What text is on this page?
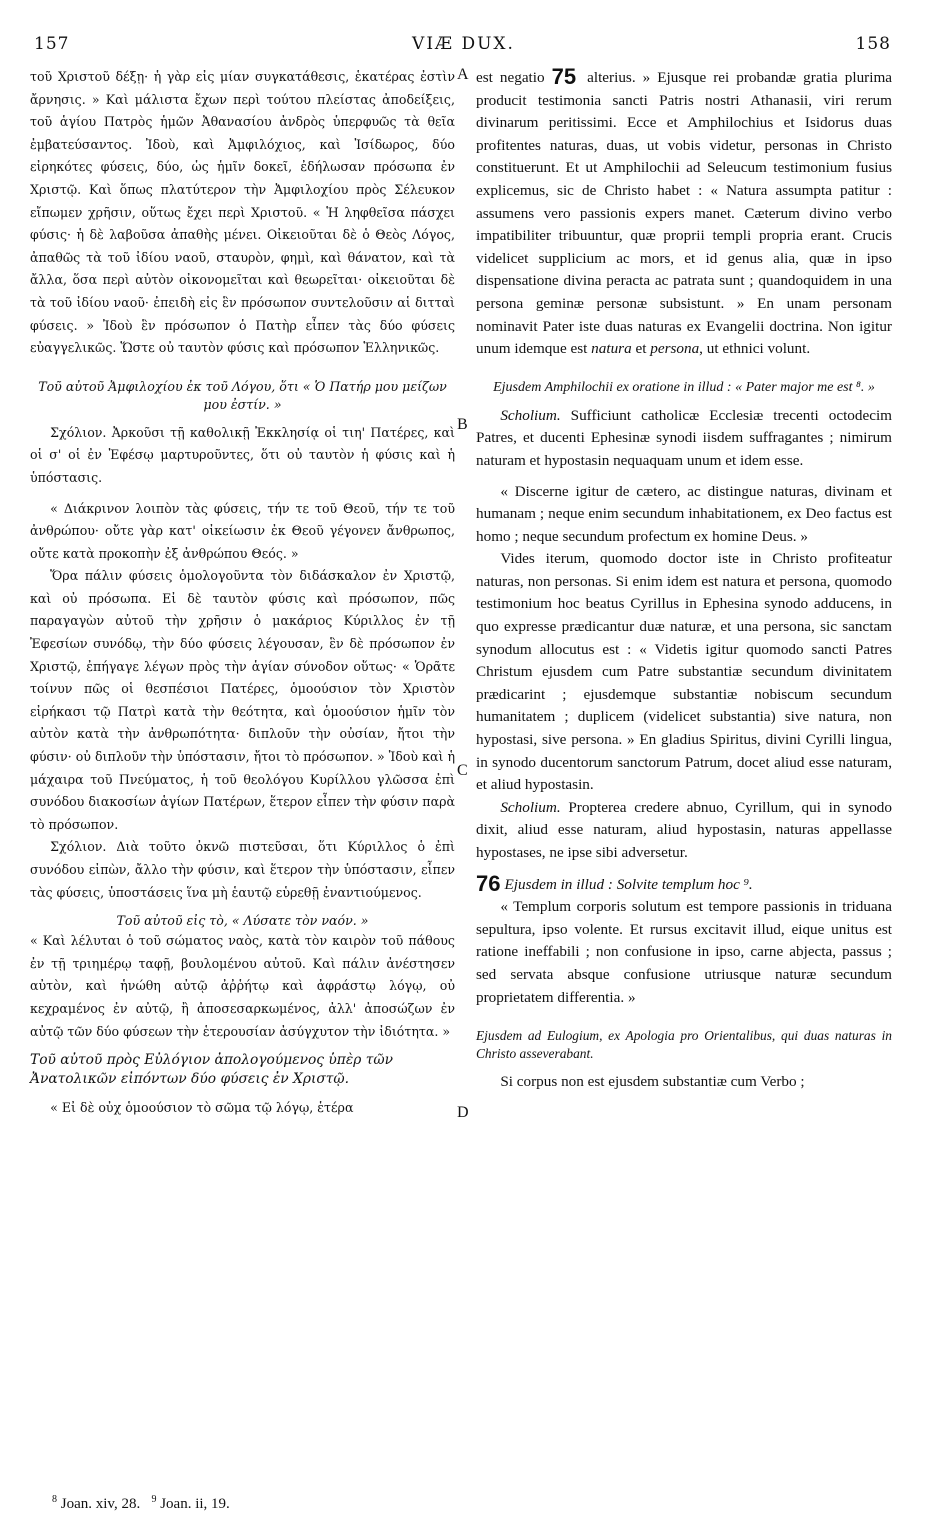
157	VIÆ DUX.	158
A
B
C
D

τοῦ Χριστοῦ δέξῃ· ἡ γὰρ εἰς μίαν συγκατάθεσις, ἑκατέρας ἐστὶν ἄρνησις. » Καὶ μάλιστα ἔχων περὶ τούτου πλείστας ἀποδείξεις, τοῦ ἁγίου Πατρὸς ἡμῶν Ἀθανασίου ἀνδρὸς ὑπερφυῶς τὰ θεῖα ἐμβατεύσαντος. Ἰδοὺ, καὶ Ἀμφιλόχιος, καὶ Ἰσίδωρος, δύο εἰρηκότες φύσεις, δύο, ὡς ἡμῖν δοκεῖ, ἐδήλωσαν πρόσωπα ἐν Χριστῷ. Καὶ ὅπως πλατύτερον τὴν Ἀμφιλοχίου πρὸς Σέλευκον εἴπωμεν χρῆσιν, οὕτως ἔχει περὶ Χριστοῦ. « Ἡ ληφθεῖσα πάσχει φύσις· ἡ δὲ λαβοῦσα ἀπαθὴς μένει. Οἰκειοῦται δὲ ὁ Θεὸς Λόγος, ἀπαθῶς τὰ τοῦ ἰδίου ναοῦ, σταυρὸν, φημὶ, καὶ θάνατον, καὶ τὰ ἄλλα, ὅσα περὶ αὐτὸν οἰκονομεῖται καὶ θεωρεῖται· οἰκειοῦται δὲ τὰ τοῦ ἰδίου ναοῦ· ἐπειδὴ εἰς ἓν πρόσωπον συντελοῦσιν αἱ διτταὶ φύσεις. » Ἰδοὺ ἓν πρόσωπον ὁ Πατὴρ εἶπεν τὰς δύο φύσεις εὐαγγελικῶς. Ὥστε οὐ ταυτὸν φύσις καὶ πρόσωπον Ἑλληνικῶς.

Τοῦ αὐτοῦ Ἀμφιλοχίου ἐκ τοῦ Λόγου, ὅτι « Ὁ Πατήρ μου μείζων μου ἐστίν. »

Σχόλιον. Ἀρκοῦσι τῇ καθολικῇ Ἐκκλησίᾳ οἱ τιη' Πατέρες, καὶ οἱ σ' οἱ ἐν Ἐφέσῳ μαρτυροῦντες, ὅτι οὐ ταυτὸν ἡ φύσις καὶ ἡ ὑπόστασις.

« Διάκρινον λοιπὸν τὰς φύσεις, τήν τε τοῦ Θεοῦ, τήν τε τοῦ ἀνθρώπου· οὔτε γὰρ κατ' οἰκείωσιν ἐκ Θεοῦ γέγονεν ἄνθρωπος, οὔτε κατὰ προκοπὴν ἐξ ἀνθρώπου Θεός. »

Ὅρα πάλιν φύσεις ὁμολογοῦντα τὸν διδάσκαλον ἐν Χριστῷ, καὶ οὐ πρόσωπα. Εἰ δὲ ταυτὸν φύσις καὶ πρόσωπον, πῶς παραγαγὼν αὐτοῦ τὴν χρῆσιν ὁ μακάριος Κύριλλος ἐν τῇ Ἐφεσίων συνόδῳ, τὴν δύο φύσεις λέγουσαν, ἓν δὲ πρόσωπον ἐν Χριστῷ, ἐπήγαγε λέγων πρὸς τὴν ἁγίαν σύνοδον οὕτως· « Ὁρᾶτε τοίνυν πῶς οἱ θεσπέσιοι Πατέρες, ὁμοούσιον τὸν Χριστὸν εἰρήκασι τῷ Πατρὶ κατὰ τὴν θεότητα, καὶ ὁμοούσιον ἡμῖν τὸν αὐτὸν κατὰ τὴν ἀνθρωπότητα· διπλοῦν τὴν οὐσίαν, ἤτοι τὴν φύσιν· οὐ διπλοῦν τὴν ὑπόστασιν, ἤτοι τὸ πρόσωπον. » Ἰδοὺ καὶ ἡ μάχαιρα τοῦ Πνεύματος, ἡ τοῦ θεολόγου Κυρίλλου γλῶσσα ἐπὶ συνόδου διακοσίων ἁγίων Πατέρων, ἕτερον εἶπεν τὴν φύσιν παρὰ τὸ πρόσωπον.

Σχόλιον. Διὰ τοῦτο ὀκνῶ πιστεῦσαι, ὅτι Κύριλλος ὁ ἐπὶ συνόδου εἰπὼν, ἄλλο τὴν φύσιν, καὶ ἕτερον τὴν ὑπόστασιν, εἶπεν τὰς φύσεις, ὑποστάσεις ἵνα μὴ ἑαυτῷ εὑρεθῇ ἐναντιούμενος.

Τοῦ αὐτοῦ εἰς τὸ, « Λύσατε τὸν ναόν. »

« Καὶ λέλυται ὁ τοῦ σώματος ναὸς, κατὰ τὸν καιρὸν τοῦ πάθους ἐν τῇ τριημέρῳ ταφῇ, βουλομένου αὐτοῦ. Καὶ πάλιν ἀνέστησεν αὐτὸν, καὶ ἡνώθη αὐτῷ ἀῤῥήτῳ καὶ ἀφράστῳ λόγῳ, οὐ κεχραμένος ἐν αὐτῷ, ἢ ἀποσεσαρκωμένος, ἀλλ' ἀποσώζων ἐν αὐτῷ τῶν δύο φύσεων τὴν ἑτερουσίαν ἀσύγχυτον τὴν ἰδιότητα. »

Τοῦ αὐτοῦ πρὸς Εὐλόγιον ἀπολογούμενος ὑπὲρ τῶν Ἀνατολικῶν εἰπόντων δύο φύσεις ἐν Χριστῷ.

« Εἰ δὲ οὐχ ὁμοούσιον τὸ σῶμα τῷ λόγῳ, ἑτέρα

est negatio 75 alterius. » Ejusque rei probandæ gratia plurima producit testimonia sancti Patris nostri Athanasii, viri rerum divinarum peritissimi. Ecce et Amphilochius et Isidorus duas profitentes naturas, duas, ut vobis videtur, personas in Christo constituerunt. Et ut Amphilochii ad Seleucum testimonium fusius explicemus, sic de Christo habet : « Natura assumpta patitur : assumens vero passionis expers manet. Cæterum divino verbo impatibiliter tribuuntur, quæ proprii templi propria erant. Crucis videlicet supplicium ac mors, et id genus alia, quæ in ipso dispensatione divina peracta ac patrata sunt ; quandoquidem in una persona geminæ personæ subsistunt. » En unam personam nominavit Pater iste duas naturas ex Evangelii doctrina. Non igitur unum idemque est natura et persona, ut ethnici volunt.

Ejusdem Amphilochii ex oratione in illud : « Pater major me est ⁸. »

Scholium. Sufficiunt catholicæ Ecclesiæ trecenti octodecim Patres, et ducenti Ephesinæ synodi iisdem suffragantes ; nimirum naturam et hypostasin nequaquam unum et idem esse.

« Discerne igitur de cætero, ac distingue naturas, divinam et humanam ; neque enim secundum inhabitationem, ex Deo factus est homo ; neque secundum profectum ex homine Deus. »

Vides iterum, quomodo doctor iste in Christo profiteatur naturas, non personas. Si enim idem est natura et persona, quomodo testimonium hoc beatus Cyrillus in Ephesina synodo adducens, in quo expresse prædicantur duæ naturæ, et una persona, sic sanctam synodum allocutus est : « Videtis igitur quomodo sancti Patres Christum ejusdem cum Patre substantiæ secundum divinitatem prædicarint ; ejusdemque substantiæ nobiscum secundum humanitatem ; duplicem (videlicet substantia) sive natura, non hypostasi, sive persona. » En gladius Spiritus, divini Cyrilli lingua, in synodo ducentorum sanctorum Patrum, docet aliud esse naturam, et aliud hypostasin.

Scholium. Propterea credere abnuo, Cyrillum, qui in synodo dixit, aliud esse naturam, aliud hypostasin, naturas appellasse hypostases, ne ipse sibi adversetur.

76 Ejusdem in illud : Solvite templum hoc ⁹.

« Templum corporis solutum est tempore passionis in triduana sepultura, ipso volente. Et rursus excitavit illud, eique unitus est ratione ineffabili ; non confusione in ipso, carne abjecta, passus ; sed servata absque confusione utriusque naturæ secundum proprietatem differentia. »

Ejusdem ad Eulogium, ex Apologia pro Orientalibus, qui duas naturas in Christo asseverabant.

Si corpus non est ejusdem substantiæ cum Verbo ;

$^8$ Joan. xiv, 28. $^9$ Joan. ii, 19.
